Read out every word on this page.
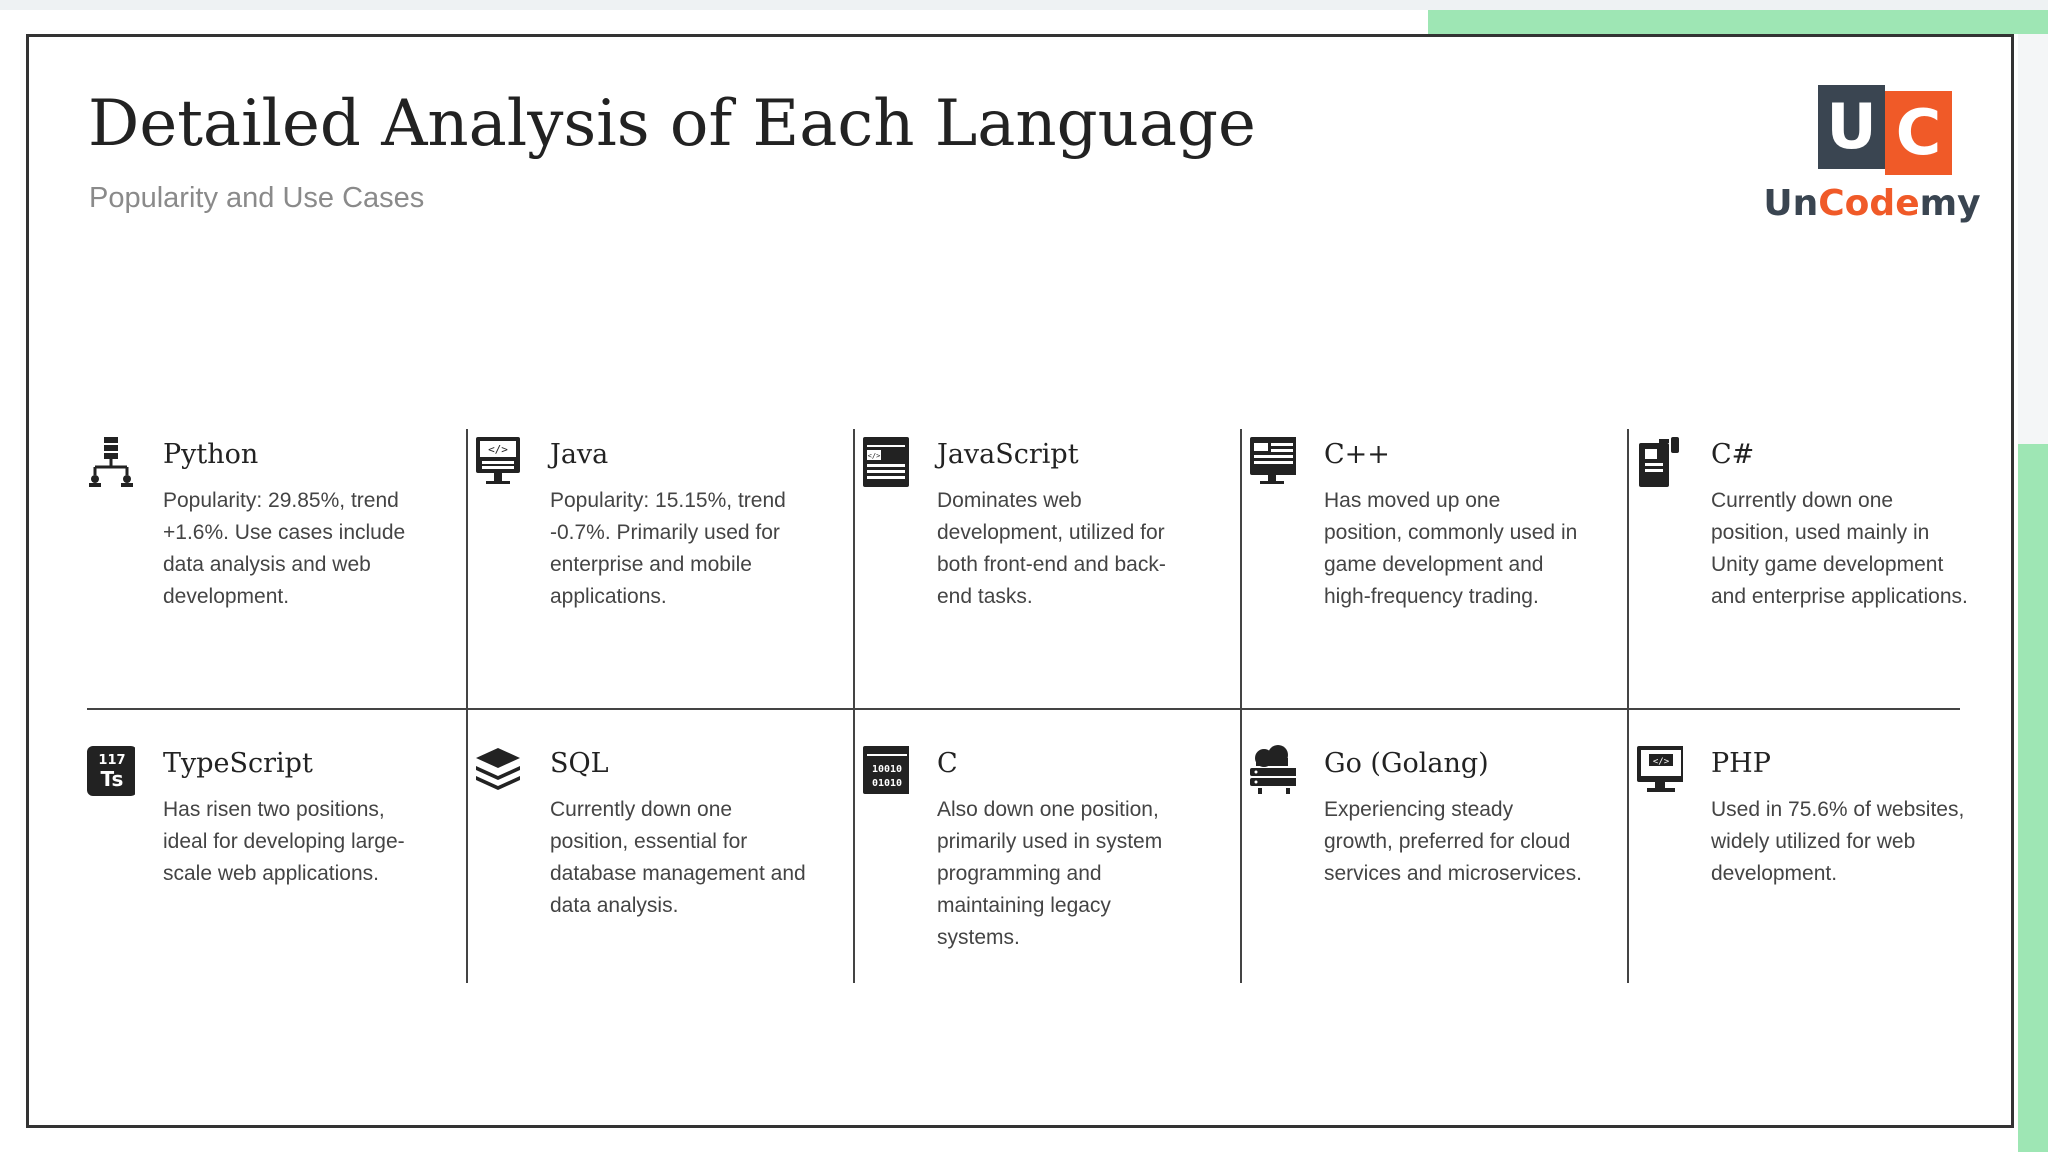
Detailed Analysis of Each Language
Popularity and Use Cases
U C
UnCodemy
Python
Popularity: 29.85%, trend +1.6%. Use cases include data analysis and web development.
</> Java
Popularity: 15.15%, trend -0.7%. Primarily used for enterprise and mobile applications.
</> JavaScript
Dominates web development, utilized for both front-end and back-end tasks.
C++
Has moved up one position, commonly used in game development and high-frequency trading.
C#
Currently down one position, used mainly in Unity game development and enterprise applications.
117
Ts TypeScript
Has risen two positions, ideal for developing large-scale web applications.
SQL
Currently down one position, essential for database management and data analysis.
10010
01010
C
Also down one position, primarily used in system programming and maintaining legacy systems.
Go (Golang)
Experiencing steady growth, preferred for cloud services and microservices.
</> PHP
Used in 75.6% of websites, widely utilized for web development.
